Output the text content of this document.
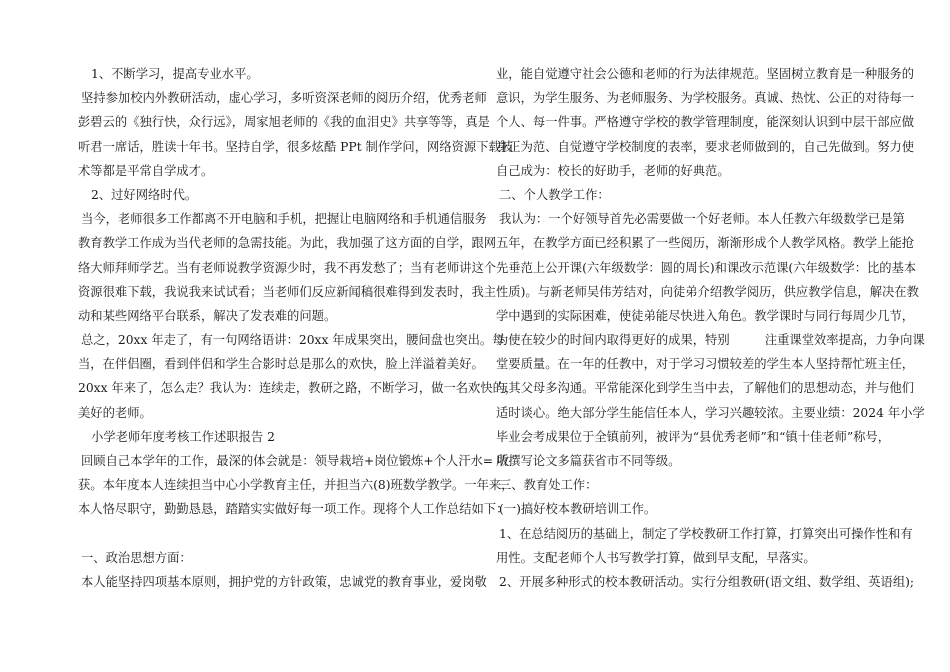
1、不断学习，提高专业水平。
坚持参加校内外教研活动，虚心学习，多听资深老师的阅历介绍，优秀老师
彭碧云的《独行快，众行远》，周家旭老师的《我的血泪史》共享等等，真是
听君一席话，胜读十年书。坚持自学，很多炫酷 PPt 制作学问，网络资源下载技
术等都是平常自学成才。
2、过好网络时代。
当今，老师很多工作都离不开电脑和手机，把握让电脑网络和手机通信服务
教育教学工作成为当代老师的急需技能。为此，我加强了这方面的自学，跟网
络大师拜师学艺。当有老师说教学资源少时，我不再发愁了；当有老师讲这个
资源很难下载，我说我来试试看；当老师们反应新闻稿很难得到发表时，我主
动和某些网络平台联系，解决了发表难的问题。
总之，20xx 年走了，有一句网络语讲：20xx 年成果突出，腰间盘也突出。每
当，在伴侣圈，看到伴侣和学生合影时总是那么的欢快，脸上洋溢着美好。
20xx 年来了，怎么走？我认为：连续走，教研之路，不断学习，做一名欢快的，
美好的老师。
小学老师年度考核工作述职报告 2
回顾自己本学年的工作，最深的体会就是：领导栽培+岗位锻炼+个人汗水= 收
获。本年度本人连续担当中心小学教育主任，并担当六(8)班数学教学。一年来，
本人恪尽职守，勤勤恳恳，踏踏实实做好每一项工作。现将个人工作总结如下：
一、政治思想方面：
本人能坚持四项基本原则，拥护党的方针政策，忠诚党的教育事业，爱岗敬
业，能自觉遵守社会公德和老师的行为法律规范。坚固树立教育是一种服务的
意识，为学生服务、为老师服务、为学校服务。真诚、热忱、公正的对待每一
个人、每一件事。严格遵守学校的教学管理制度，能深刻认识到中层干部应做
身正为范、自觉遵守学校制度的表率，要求老师做到的，自己先做到。努力使
自己成为：校长的好助手，老师的好典范。
二、个人教学工作：
我认为：一个好领导首先必需要做一个好老师。本人任教六年级数学已是第
五年，在教学方面已经积累了一些阅历，渐渐形成个人教学风格。教学上能抢
先垂范上公开课(六年级数学：圆的周长)和课改示范课(六年级数学：比的基本
性质)。与新老师吴伟芳结对，向徒弟介绍教学阅历，供应教学信息，解决在教
学中遇到的实际困难，使徒弟能尽快进入角色。教学课时与同行每周少几节，
为使在较少的时间内取得更好的成果，特别         注重课堂效率提高，力争向课
堂要质量。在一年的任教中，对于学习习惯较差的学生本人坚持帮忙班主任，
与其父母多沟通。平常能深化到学生当中去，了解他们的思想动态，并与他们
适时谈心。绝大部分学生能信任本人，学习兴趣较浓。主要业绩：2024 年小学
毕业会考成果位于全镇前列，被评为“县优秀老师”和“镇十佳老师”称号，
所撰写论文多篇获省市不同等级。
三、教育处工作：
(一)搞好校本教研培训工作。
1、在总结阅历的基础上，制定了学校教研工作打算，打算突出可操作性和有
用性。支配老师个人书写教学打算，做到早支配，早落实。
2、开展多种形式的校本教研活动。实行分组教研(语文组、数学组、英语组);
